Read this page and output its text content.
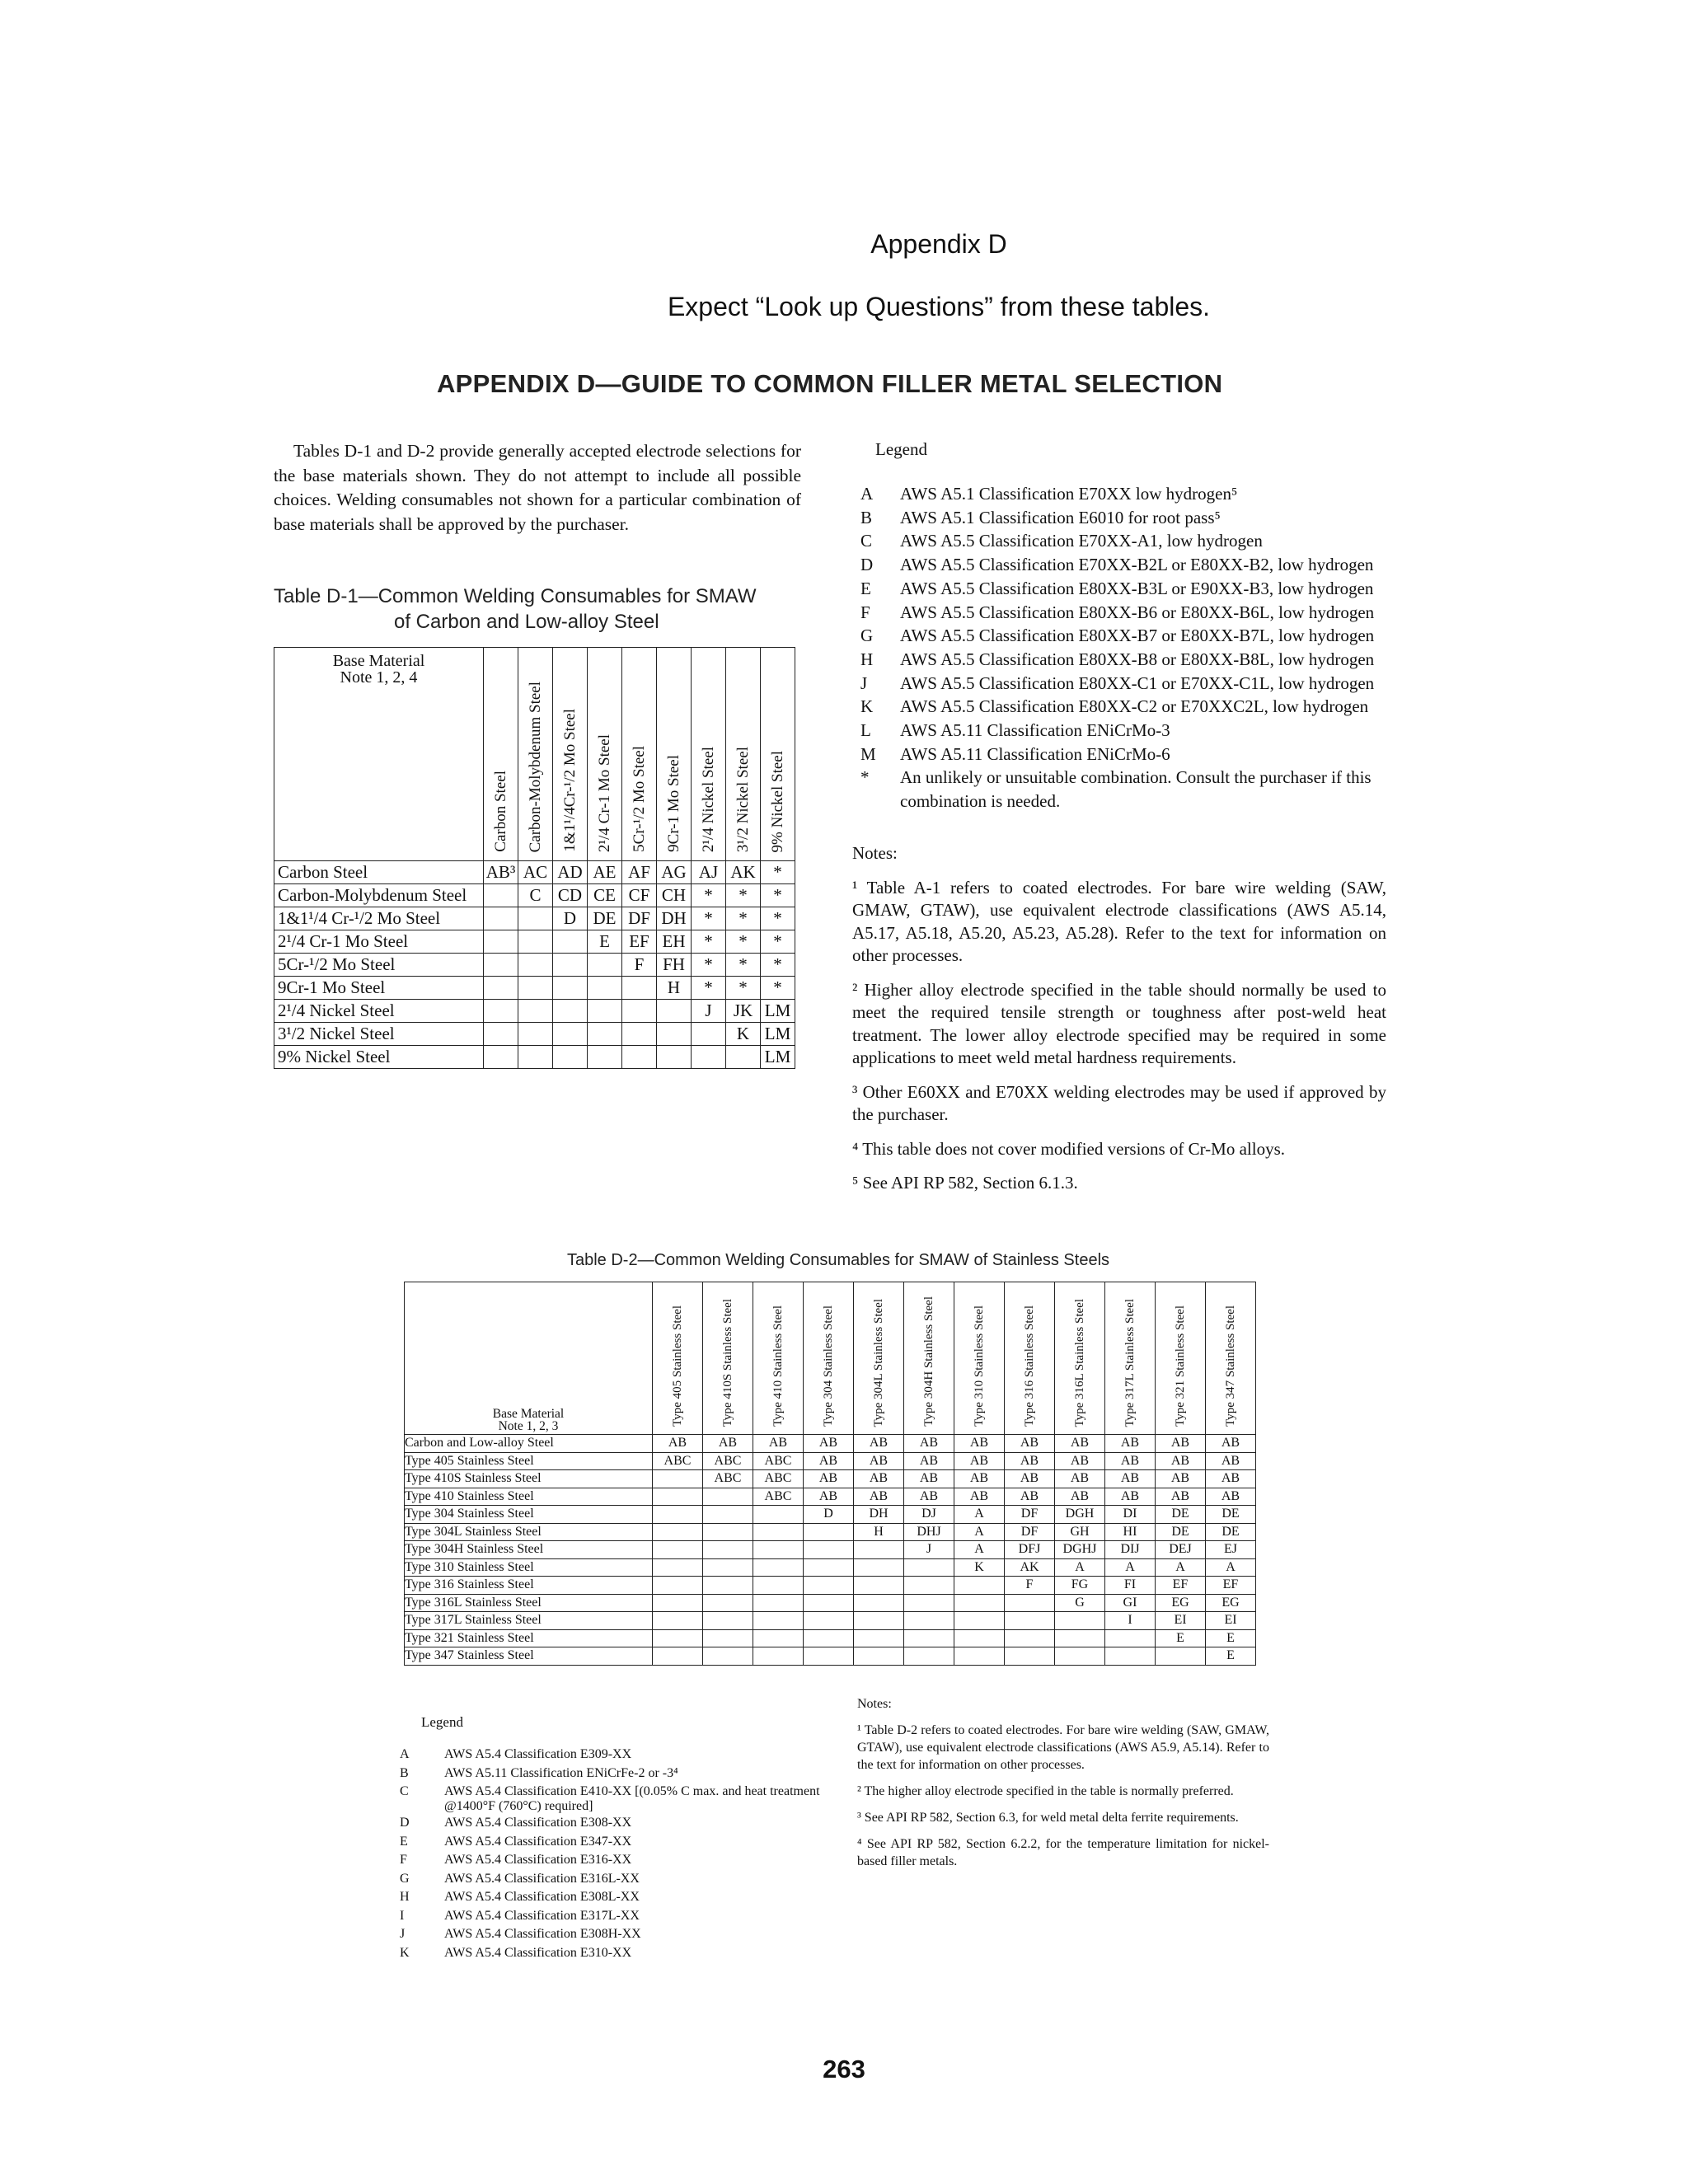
Appendix D
Expect “Look up Questions” from these tables.
APPENDIX D—GUIDE TO COMMON FILLER METAL SELECTION
Tables D-1 and D-2 provide generally accepted electrode selections for the base materials shown. They do not attempt to include all possible choices. Welding consumables not shown for a particular combination of base materials shall be approved by the purchaser.
Table D-1—Common Welding Consumables for SMAW
of Carbon and Low-alloy Steel
Base Material
Note 1, 2, 4	Carbon Steel	Carbon-Molybdenum Steel	1&1¹/4Cr-¹/2 Mo Steel	2¹/4 Cr-1 Mo Steel	5Cr-¹/2 Mo Steel	9Cr-1 Mo Steel	2¹/4 Nickel Steel	3¹/2 Nickel Steel	9% Nickel Steel
Carbon Steel	AB³	AC	AD	AE	AF	AG	AJ	AK	*
Carbon-Molybdenum Steel		C	CD	CE	CF	CH	*	*	*
1&1¹/4 Cr-¹/2 Mo Steel			D	DE	DF	DH	*	*	*
2¹/4 Cr-1 Mo Steel				E	EF	EH	*	*	*
5Cr-¹/2 Mo Steel					F	FH	*	*	*
9Cr-1 Mo Steel						H	*	*	*
2¹/4 Nickel Steel							J	JK	LM
3¹/2 Nickel Steel								K	LM
9% Nickel Steel									LM
Legend
A	AWS A5.1 Classification E70XX low hydrogen⁵
B	AWS A5.1 Classification E6010 for root pass⁵
C	AWS A5.5 Classification E70XX-A1, low hydrogen
D	AWS A5.5 Classification E70XX-B2L or E80XX-B2, low hydrogen
E	AWS A5.5 Classification E80XX-B3L or E90XX-B3, low hydrogen
F	AWS A5.5 Classification E80XX-B6 or E80XX-B6L, low hydrogen
G	AWS A5.5 Classification E80XX-B7 or E80XX-B7L, low hydrogen
H	AWS A5.5 Classification E80XX-B8 or E80XX-B8L, low hydrogen
J	AWS A5.5 Classification E80XX-C1 or E70XX-C1L, low hydrogen
K	AWS A5.5 Classification E80XX-C2 or E70XXC2L, low hydrogen
L	AWS A5.11 Classification ENiCrMo-3
M	AWS A5.11 Classification ENiCrMo-6
*	An unlikely or unsuitable combination. Consult the purchaser if this combination is needed.

Notes:

¹ Table A-1 refers to coated electrodes. For bare wire welding (SAW, GMAW, GTAW), use equivalent electrode classifications (AWS A5.14, A5.17, A5.18, A5.20, A5.23, A5.28). Refer to the text for information on other processes.

² Higher alloy electrode specified in the table should normally be used to meet the required tensile strength or toughness after post-weld heat treatment. The lower alloy electrode specified may be required in some applications to meet weld metal hardness requirements.

³ Other E60XX and E70XX welding electrodes may be used if approved by the purchaser.

⁴ This table does not cover modified versions of Cr-Mo alloys.

⁵ See API RP 582, Section 6.1.3.

Table D-2—Common Welding Consumables for SMAW of Stainless Steels
Base Material
Note 1, 2, 3	Type 405 Stainless Steel	Type 410S Stainless Steel	Type 410 Stainless Steel	Type 304 Stainless Steel	Type 304L Stainless Steel	Type 304H Stainless Steel	Type 310 Stainless Steel	Type 316 Stainless Steel	Type 316L Stainless Steel	Type 317L Stainless Steel	Type 321 Stainless Steel	Type 347 Stainless Steel
Carbon and Low-alloy Steel	AB	AB	AB	AB	AB	AB	AB	AB	AB	AB	AB	AB
Type 405 Stainless Steel	ABC	ABC	ABC	AB	AB	AB	AB	AB	AB	AB	AB	AB
Type 410S Stainless Steel		ABC	ABC	AB	AB	AB	AB	AB	AB	AB	AB	AB
Type 410 Stainless Steel			ABC	AB	AB	AB	AB	AB	AB	AB	AB	AB
Type 304 Stainless Steel				D	DH	DJ	A	DF	DGH	DI	DE	DE
Type 304L Stainless Steel					H	DHJ	A	DF	GH	HI	DE	DE
Type 304H Stainless Steel						J	A	DFJ	DGHJ	DIJ	DEJ	EJ
Type 310 Stainless Steel							K	AK	A	A	A	A
Type 316 Stainless Steel								F	FG	FI	EF	EF
Type 316L Stainless Steel									G	GI	EG	EG
Type 317L Stainless Steel										I	EI	EI
Type 321 Stainless Steel											E	E
Type 347 Stainless Steel												E
Legend
A	AWS A5.4 Classification E309-XX
B	AWS A5.11 Classification ENiCrFe-2 or -3⁴
C	AWS A5.4 Classification E410-XX [(0.05% C max. and heat treatment @1400°F (760°C) required]
D	AWS A5.4 Classification E308-XX
E	AWS A5.4 Classification E347-XX
F	AWS A5.4 Classification E316-XX
G	AWS A5.4 Classification E316L-XX
H	AWS A5.4 Classification E308L-XX
I	AWS A5.4 Classification E317L-XX
J	AWS A5.4 Classification E308H-XX
K	AWS A5.4 Classification E310-XX

Notes:

¹ Table D-2 refers to coated electrodes. For bare wire welding (SAW, GMAW, GTAW), use equivalent electrode classifications (AWS A5.9, A5.14). Refer to the text for information on other processes.

² The higher alloy electrode specified in the table is normally preferred.

³ See API RP 582, Section 6.3, for weld metal delta ferrite requirements.

⁴ See API RP 582, Section 6.2.2, for the temperature limitation for nickel-based filler metals.

263
